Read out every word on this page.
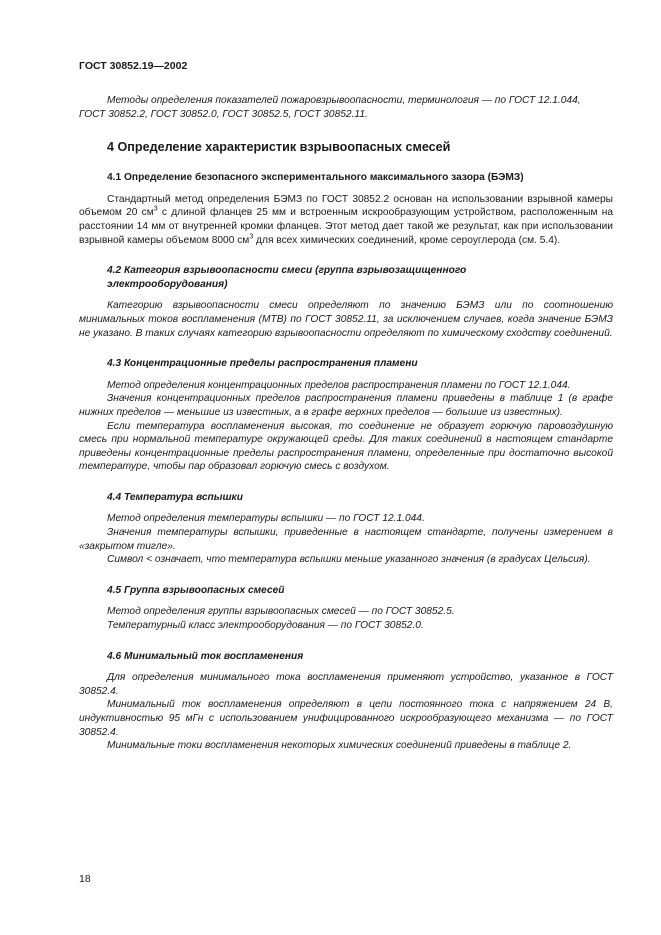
ГОСТ 30852.19—2002

Методы определения показателей пожаровзрывоопасности, терминология — по ГОСТ 12.1.044,

ГОСТ 30852.2, ГОСТ 30852.0, ГОСТ 30852.5, ГОСТ 30852.11.

4 Определение характеристик взрывоопасных смесей
4.1 Определение безопасного экспериментального максимального зазора (БЭМЗ)

Стандартный метод определения БЭМЗ по ГОСТ 30852.2 основан на использовании взрывной камеры объемом 20 $см^3$ с длиной фланцев 25 мм и встроенным искрообразующим устройством, расположенным на расстоянии 14 мм от внутренней кромки фланцев. Этот метод дает такой же результат, как при использовании взрывной камеры объемом 8000 $см^3$ для всех химических соединений, кроме сероуглерода (см. 5.4).

4.2 Категория взрывоопасности смеси (группа взрывозащищенного электрооборудования)

Категорию взрывоопасности смеси определяют по значению БЭМЗ или по соотношению минимальных токов воспламенения (МТВ) по ГОСТ 30852.11, за исключением случаев, когда значение БЭМЗ не указано. В таких случаях категорию взрывоопасности определяют по химическому сходству соединений.

4.3 Концентрационные пределы распространения пламени

Метод определения концентрационных пределов распространения пламени по ГОСТ 12.1.044.

Значения концентрационных пределов распространения пламени приведены в таблице 1 (в графе нижних пределов — меньшие из известных, а в графе верхних пределов — большие из известных).

Если температура воспламенения высокая, то соединение не образует горючую паровоздушную смесь при нормальной температуре окружающей среды. Для таких соединений в настоящем стандарте приведены концентрационные пределы распространения пламени, определенные при достаточно высокой температуре, чтобы пар образовал горючую смесь с воздухом.

4.4 Температура вспышки

Метод определения температуры вспышки — по ГОСТ 12.1.044.

Значения температуры вспышки, приведенные в настоящем стандарте, получены измерением в «закрытом тигле».

Символ < означает, что температура вспышки меньше указанного значения (в градусах Цельсия).

4.5 Группа взрывоопасных смесей

Метод определения группы взрывоопасных смесей — по ГОСТ 30852.5.

Температурный класс электрооборудования — по ГОСТ 30852.0.

4.6 Минимальный ток воспламенения

Для определения минимального тока воспламенения применяют устройство, указанное в ГОСТ 30852.4.

Минимальный ток воспламенения определяют в цепи постоянного тока с напряжением 24 В, индуктивностью 95 мГн с использованием унифицированного искрообразующего механизма — по ГОСТ 30852.4.

Минимальные токи воспламенения некоторых химических соединений приведены в таблице 2.

18
